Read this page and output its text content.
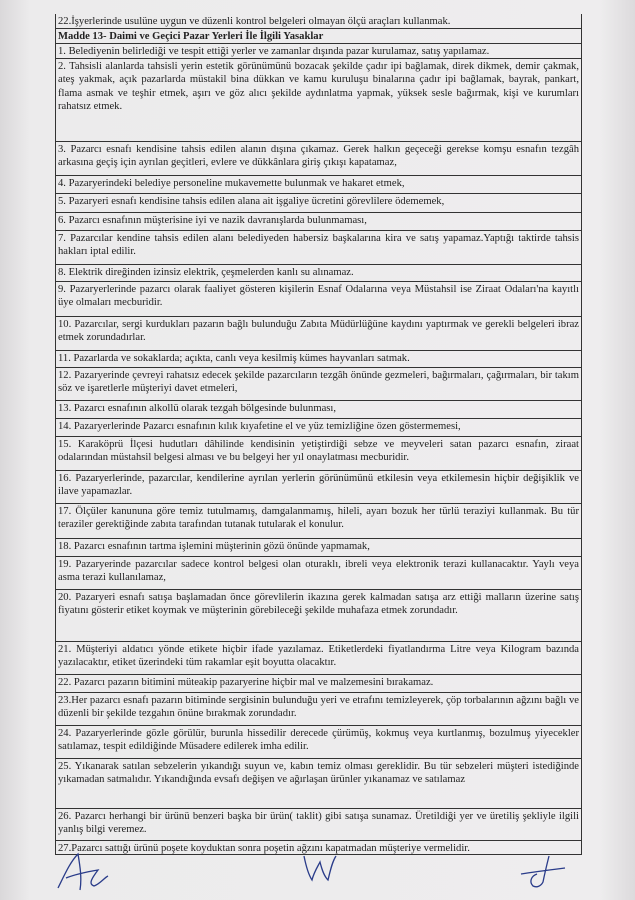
22.İşyerlerinde usulüne uygun ve düzenli kontrol belgeleri olmayan ölçü araçları kullanmak.
Madde 13- Daimi ve Geçici Pazar Yerleri İle İlgili Yasaklar
1. Belediyenin belirlediği ve tespit ettiği yerler ve zamanlar dışında pazar kurulamaz, satış yapılamaz.
2. Tahsisli alanlarda tahsisli yerin estetik görünümünü bozacak şekilde çadır ipi bağlamak, direk dikmek, demir çakmak, ateş yakmak, açık pazarlarda müstakil bina dükkan ve kamu kuruluşu binalarına çadır ipi bağlamak, bayrak, pankart, flama asmak ve teşhir etmek, aşırı ve göz alıcı şekilde aydınlatma yapmak, yüksek sesle bağırmak, kişi ve kurumları rahatsız etmek.
3. Pazarcı esnafı kendisine tahsis edilen alanın dışına çıkamaz. Gerek halkın geçeceği gerekse komşu esnafın tezgâh arkasına geçiş için ayrılan geçitleri, evlere ve dükkânlara giriş çıkışı kapatamaz,
4. Pazaryerindeki belediye personeline mukavemette bulunmak ve hakaret etmek,
5. Pazaryeri esnafı kendisine tahsis edilen alana ait işgaliye ücretini görevlilere ödememek,
6. Pazarcı esnafının müşterisine iyi ve nazik davranışlarda bulunmaması,
7. Pazarcılar kendine tahsis edilen alanı belediyeden habersiz başkalarına kira ve satış yapamaz.Yaptığı taktirde tahsis hakları iptal edilir.
8. Elektrik direğinden izinsiz elektrik, çeşmelerden kanlı su alınamaz.
9. Pazaryerlerinde pazarcı olarak faaliyet gösteren kişilerin Esnaf Odalarına veya Müstahsil ise Ziraat Odaları'na kayıtlı üye olmaları mecburidir.
10. Pazarcılar, sergi kurdukları pazarın bağlı bulunduğu Zabıta Müdürlüğüne kaydını yaptırmak ve gerekli belgeleri ibraz etmek zorundadırlar.
11. Pazarlarda ve sokaklarda; açıkta, canlı veya kesilmiş kümes hayvanları satmak.
12. Pazaryerinde çevreyi rahatsız edecek şekilde pazarcıların tezgâh önünde gezmeleri, bağırmaları, çağırmaları, bir takım söz ve işaretlerle müşteriyi davet etmeleri,
13. Pazarcı esnafının alkollü olarak tezgah bölgesinde bulunması,
14. Pazaryerlerinde Pazarcı esnafının kılık kıyafetine el ve yüz temizliğine özen göstermemesi,
15. Karaköprü İlçesi hudutları dâhilinde kendisinin yetiştirdiği sebze ve meyveleri satan pazarcı esnafın, ziraat odalarından müstahsil belgesi alması ve bu belgeyi her yıl onaylatması mecburidir.
16. Pazaryerlerinde, pazarcılar, kendilerine ayrılan yerlerin görünümünü etkilesin veya etkilemesin hiçbir değişiklik ve ilave yapamazlar.
17. Ölçüler kanununa göre temiz tutulmamış, damgalanmamış, hileli, ayarı bozuk her türlü teraziyi kullanmak. Bu tür teraziler gerektiğinde zabıta tarafından tutanak tutularak el konulur.
18. Pazarcı esnafının tartma işlemini müşterinin gözü önünde yapmamak,
19. Pazaryerinde pazarcılar sadece kontrol belgesi olan oturaklı, ibreli veya elektronik terazi kullanacaktır. Yaylı veya asma terazi kullanılamaz,
20. Pazaryeri esnafı satışa başlamadan önce görevlilerin ikazına gerek kalmadan satışa arz ettiği malların üzerine satış fiyatını gösterir etiket koymak ve müşterinin görebileceği şekilde muhafaza etmek zorundadır.
21. Müşteriyi aldatıcı yönde etikete hiçbir ifade yazılamaz. Etiketlerdeki fiyatlandırma Litre veya Kilogram bazında yazılacaktır, etiket üzerindeki tüm rakamlar eşit boyutta olacaktır.
22. Pazarcı pazarın bitimini müteakip pazaryerine hiçbir mal ve malzemesini bırakamaz.
23.Her pazarcı esnafı pazarın bitiminde sergisinin bulunduğu yeri ve etrafını temizleyerek, çöp torbalarının ağzını bağlı ve düzenli bir şekilde tezgahın önüne bırakmak zorundadır.
24. Pazaryerlerinde gözle görülür, burunla hissedilir derecede çürümüş, kokmuş veya kurtlanmış, bozulmuş yiyecekler satılamaz, tespit edildiğinde Müsadere edilerek imha edilir.
25. Yıkanarak satılan sebzelerin yıkandığı suyun ve, kabın temiz olması gereklidir. Bu tür sebzeleri müşteri istediğinde yıkamadan satmalıdır. Yıkandığında evsafı değişen ve ağırlaşan ürünler yıkanamaz ve satılamaz
26. Pazarcı herhangi bir ürünü benzeri başka bir ürün( taklit) gibi satışa sunamaz. Üretildiği yer ve üretiliş şekliyle ilgili yanlış bilgi veremez.
27.Pazarcı sattığı ürünü poşete koyduktan sonra poşetin ağzını kapatmadan müşteriye vermelidir.
